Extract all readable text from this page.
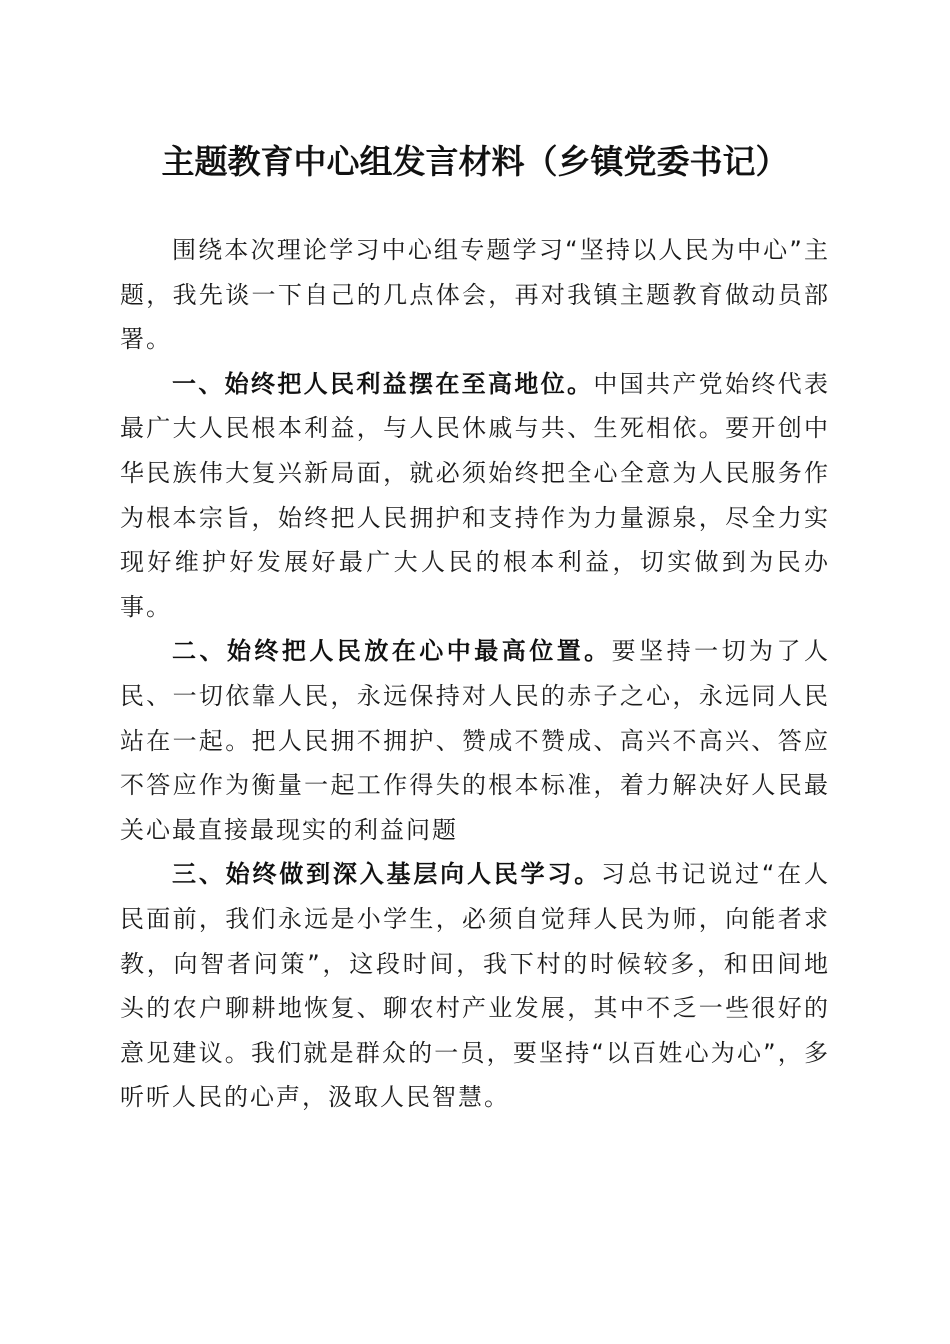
主题教育中心组发言材料（乡镇党委书记）

围绕本次理论学习中心组专题学习“坚持以人民为中心”主题，我先谈一下自己的几点体会，再对我镇主题教育做动员部署。

一、始终把人民利益摆在至高地位。中国共产党始终代表最广大人民根本利益，与人民休戚与共、生死相依。要开创中华民族伟大复兴新局面，就必须始终把全心全意为人民服务作为根本宗旨，始终把人民拥护和支持作为力量源泉，尽全力实现好维护好发展好最广大人民的根本利益，切实做到为民办事。

二、始终把人民放在心中最高位置。要坚持一切为了人民、一切依靠人民，永远保持对人民的赤子之心，永远同人民站在一起。把人民拥不拥护、赞成不赞成、高兴不高兴、答应不答应作为衡量一起工作得失的根本标准，着力解决好人民最关心最直接最现实的利益问题

三、始终做到深入基层向人民学习。习总书记说过“在人民面前，我们永远是小学生，必须自觉拜人民为师，向能者求教，向智者问策”，这段时间，我下村的时候较多，和田间地头的农户聊耕地恢复、聊农村产业发展，其中不乏一些很好的意见建议。我们就是群众的一员，要坚持“以百姓心为心”，多听听人民的心声，汲取人民智慧。
